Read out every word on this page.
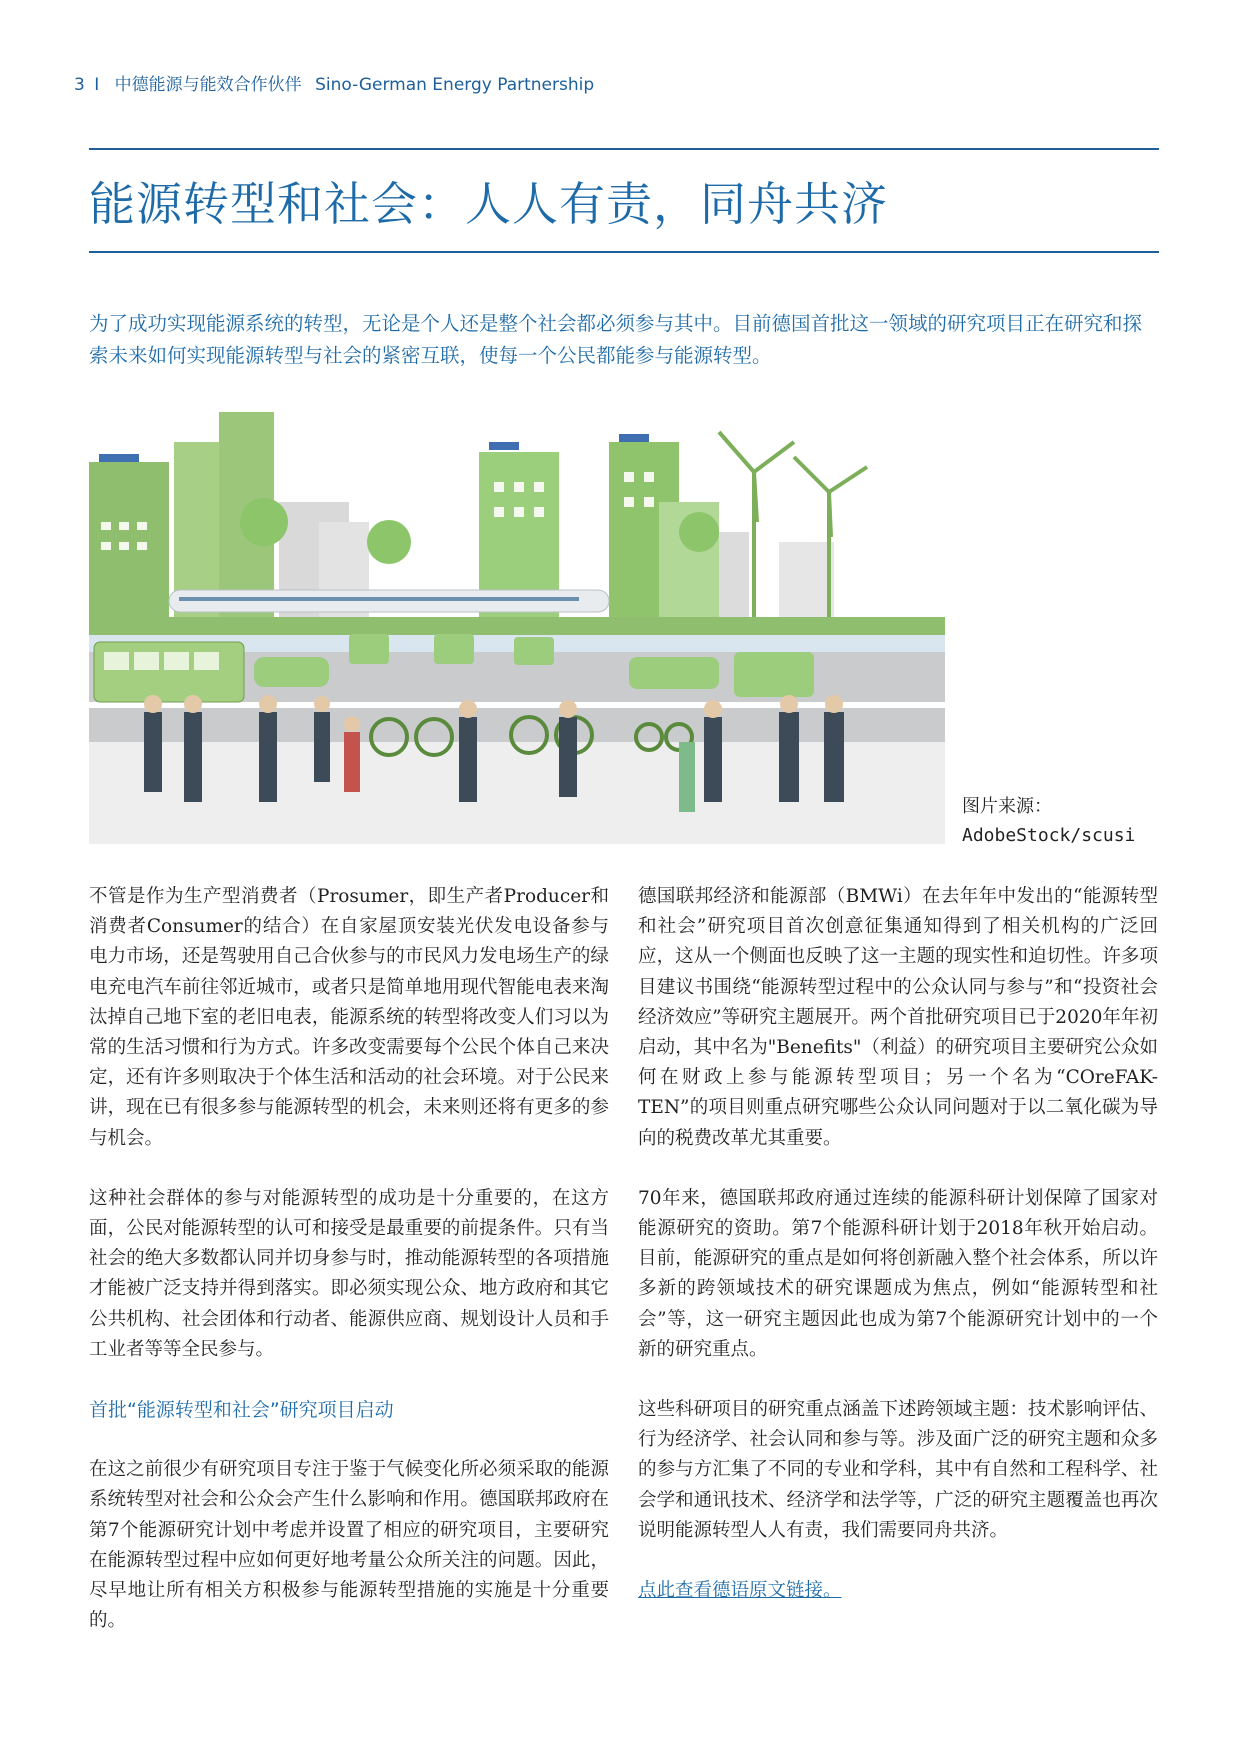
3 I 中德能源与能效合作伙伴 Sino-German Energy Partnership
能源转型和社会：人人有责，同舟共济
为了成功实现能源系统的转型，无论是个人还是整个社会都必须参与其中。目前德国首批这一领域的研究项目正在研究和探索未来如何实现能源转型与社会的紧密互联，使每一个公民都能参与能源转型。
图片来源：
AdobeStock/scusi

不管是作为生产型消费者（Prosumer，即生产者Producer和消费者Consumer的结合）在自家屋顶安装光伏发电设备参与电力市场，还是驾驶用自己合伙参与的市民风力发电场生产的绿电充电汽车前往邻近城市，或者只是简单地用现代智能电表来淘汰掉自己地下室的老旧电表，能源系统的转型将改变人们习以为常的生活习惯和行为方式。许多改变需要每个公民个体自己来决定，还有许多则取决于个体生活和活动的社会环境。对于公民来讲，现在已有很多参与能源转型的机会，未来则还将有更多的参与机会。

这种社会群体的参与对能源转型的成功是十分重要的，在这方面，公民对能源转型的认可和接受是最重要的前提条件。只有当社会的绝大多数都认同并切身参与时，推动能源转型的各项措施才能被广泛支持并得到落实。即必须实现公众、地方政府和其它公共机构、社会团体和行动者、能源供应商、规划设计人员和手工业者等等全民参与。

首批“能源转型和社会”研究项目启动

在这之前很少有研究项目专注于鉴于气候变化所必须采取的能源系统转型对社会和公众会产生什么影响和作用。德国联邦政府在第7个能源研究计划中考虑并设置了相应的研究项目，主要研究在能源转型过程中应如何更好地考量公众所关注的问题。因此，尽早地让所有相关方积极参与能源转型措施的实施是十分重要的。

德国联邦经济和能源部（BMWi）在去年年中发出的“能源转型和社会”研究项目首次创意征集通知得到了相关机构的广泛回应，这从一个侧面也反映了这一主题的现实性和迫切性。许多项目建议书围绕“能源转型过程中的公众认同与参与”和“投资社会经济效应”等研究主题展开。两个首批研究项目已于2020年年初启动，其中名为"Benefits"（利益）的研究项目主要研究公众如何在财政上参与能源转型项目；另一个名为“COreFAK-TEN”的项目则重点研究哪些公众认同问题对于以二氧化碳为导向的税费改革尤其重要。

70年来，德国联邦政府通过连续的能源科研计划保障了国家对能源研究的资助。第7个能源科研计划于2018年秋开始启动。目前，能源研究的重点是如何将创新融入整个社会体系，所以许多新的跨领域技术的研究课题成为焦点，例如“能源转型和社会”等，这一研究主题因此也成为第7个能源研究计划中的一个新的研究重点。

这些科研项目的研究重点涵盖下述跨领域主题：技术影响评估、行为经济学、社会认同和参与等。涉及面广泛的研究主题和众多的参与方汇集了不同的专业和学科，其中有自然和工程科学、社会学和通讯技术、经济学和法学等，广泛的研究主题覆盖也再次说明能源转型人人有责，我们需要同舟共济。

点此查看德语原文链接。
